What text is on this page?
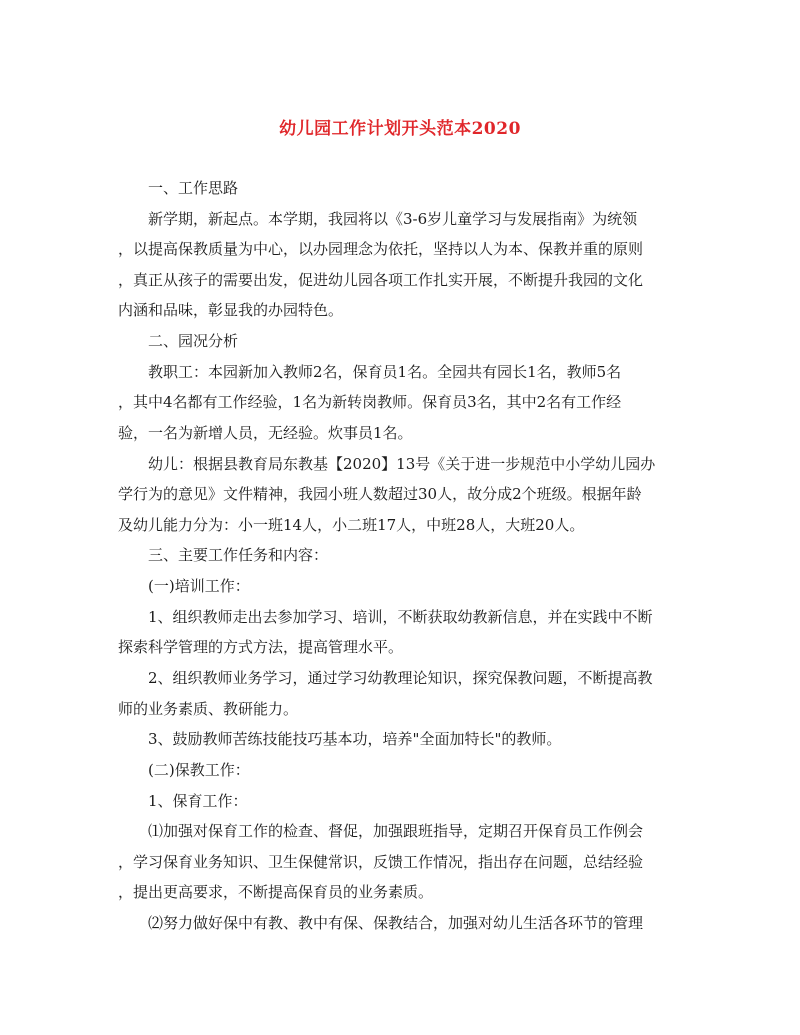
幼儿园工作计划开头范本2020
一、工作思路
新学期，新起点。本学期，我园将以《3-6岁儿童学习与发展指南》为统领
，以提高保教质量为中心，以办园理念为依托，坚持以人为本、保教并重的原则
，真正从孩子的需要出发，促进幼儿园各项工作扎实开展，不断提升我园的文化
内涵和品味，彰显我的办园特色。
二、园况分析
教职工：本园新加入教师2名，保育员1名。全园共有园长1名，教师5名
，其中4名都有工作经验，1名为新转岗教师。保育员3名，其中2名有工作经
验，一名为新增人员，无经验。炊事员1名。
幼儿：根据县教育局东教基【2020】13号《关于进一步规范中小学幼儿园办
学行为的意见》文件精神，我园小班人数超过30人，故分成2个班级。根据年龄
及幼儿能力分为：小一班14人，小二班17人，中班28人，大班20人。
三、主要工作任务和内容：
(一)培训工作：
1、组织教师走出去参加学习、培训，不断获取幼教新信息，并在实践中不断
探索科学管理的方式方法，提高管理水平。
2、组织教师业务学习，通过学习幼教理论知识，探究保教问题，不断提高教
师的业务素质、教研能力。
3、鼓励教师苦练技能技巧基本功，培养"全面加特长"的教师。
(二)保教工作：
1、保育工作：
⑴加强对保育工作的检查、督促，加强跟班指导，定期召开保育员工作例会
，学习保育业务知识、卫生保健常识，反馈工作情况，指出存在问题，总结经验
，提出更高要求，不断提高保育员的业务素质。
⑵努力做好保中有教、教中有保、保教结合，加强对幼儿生活各环节的管理
